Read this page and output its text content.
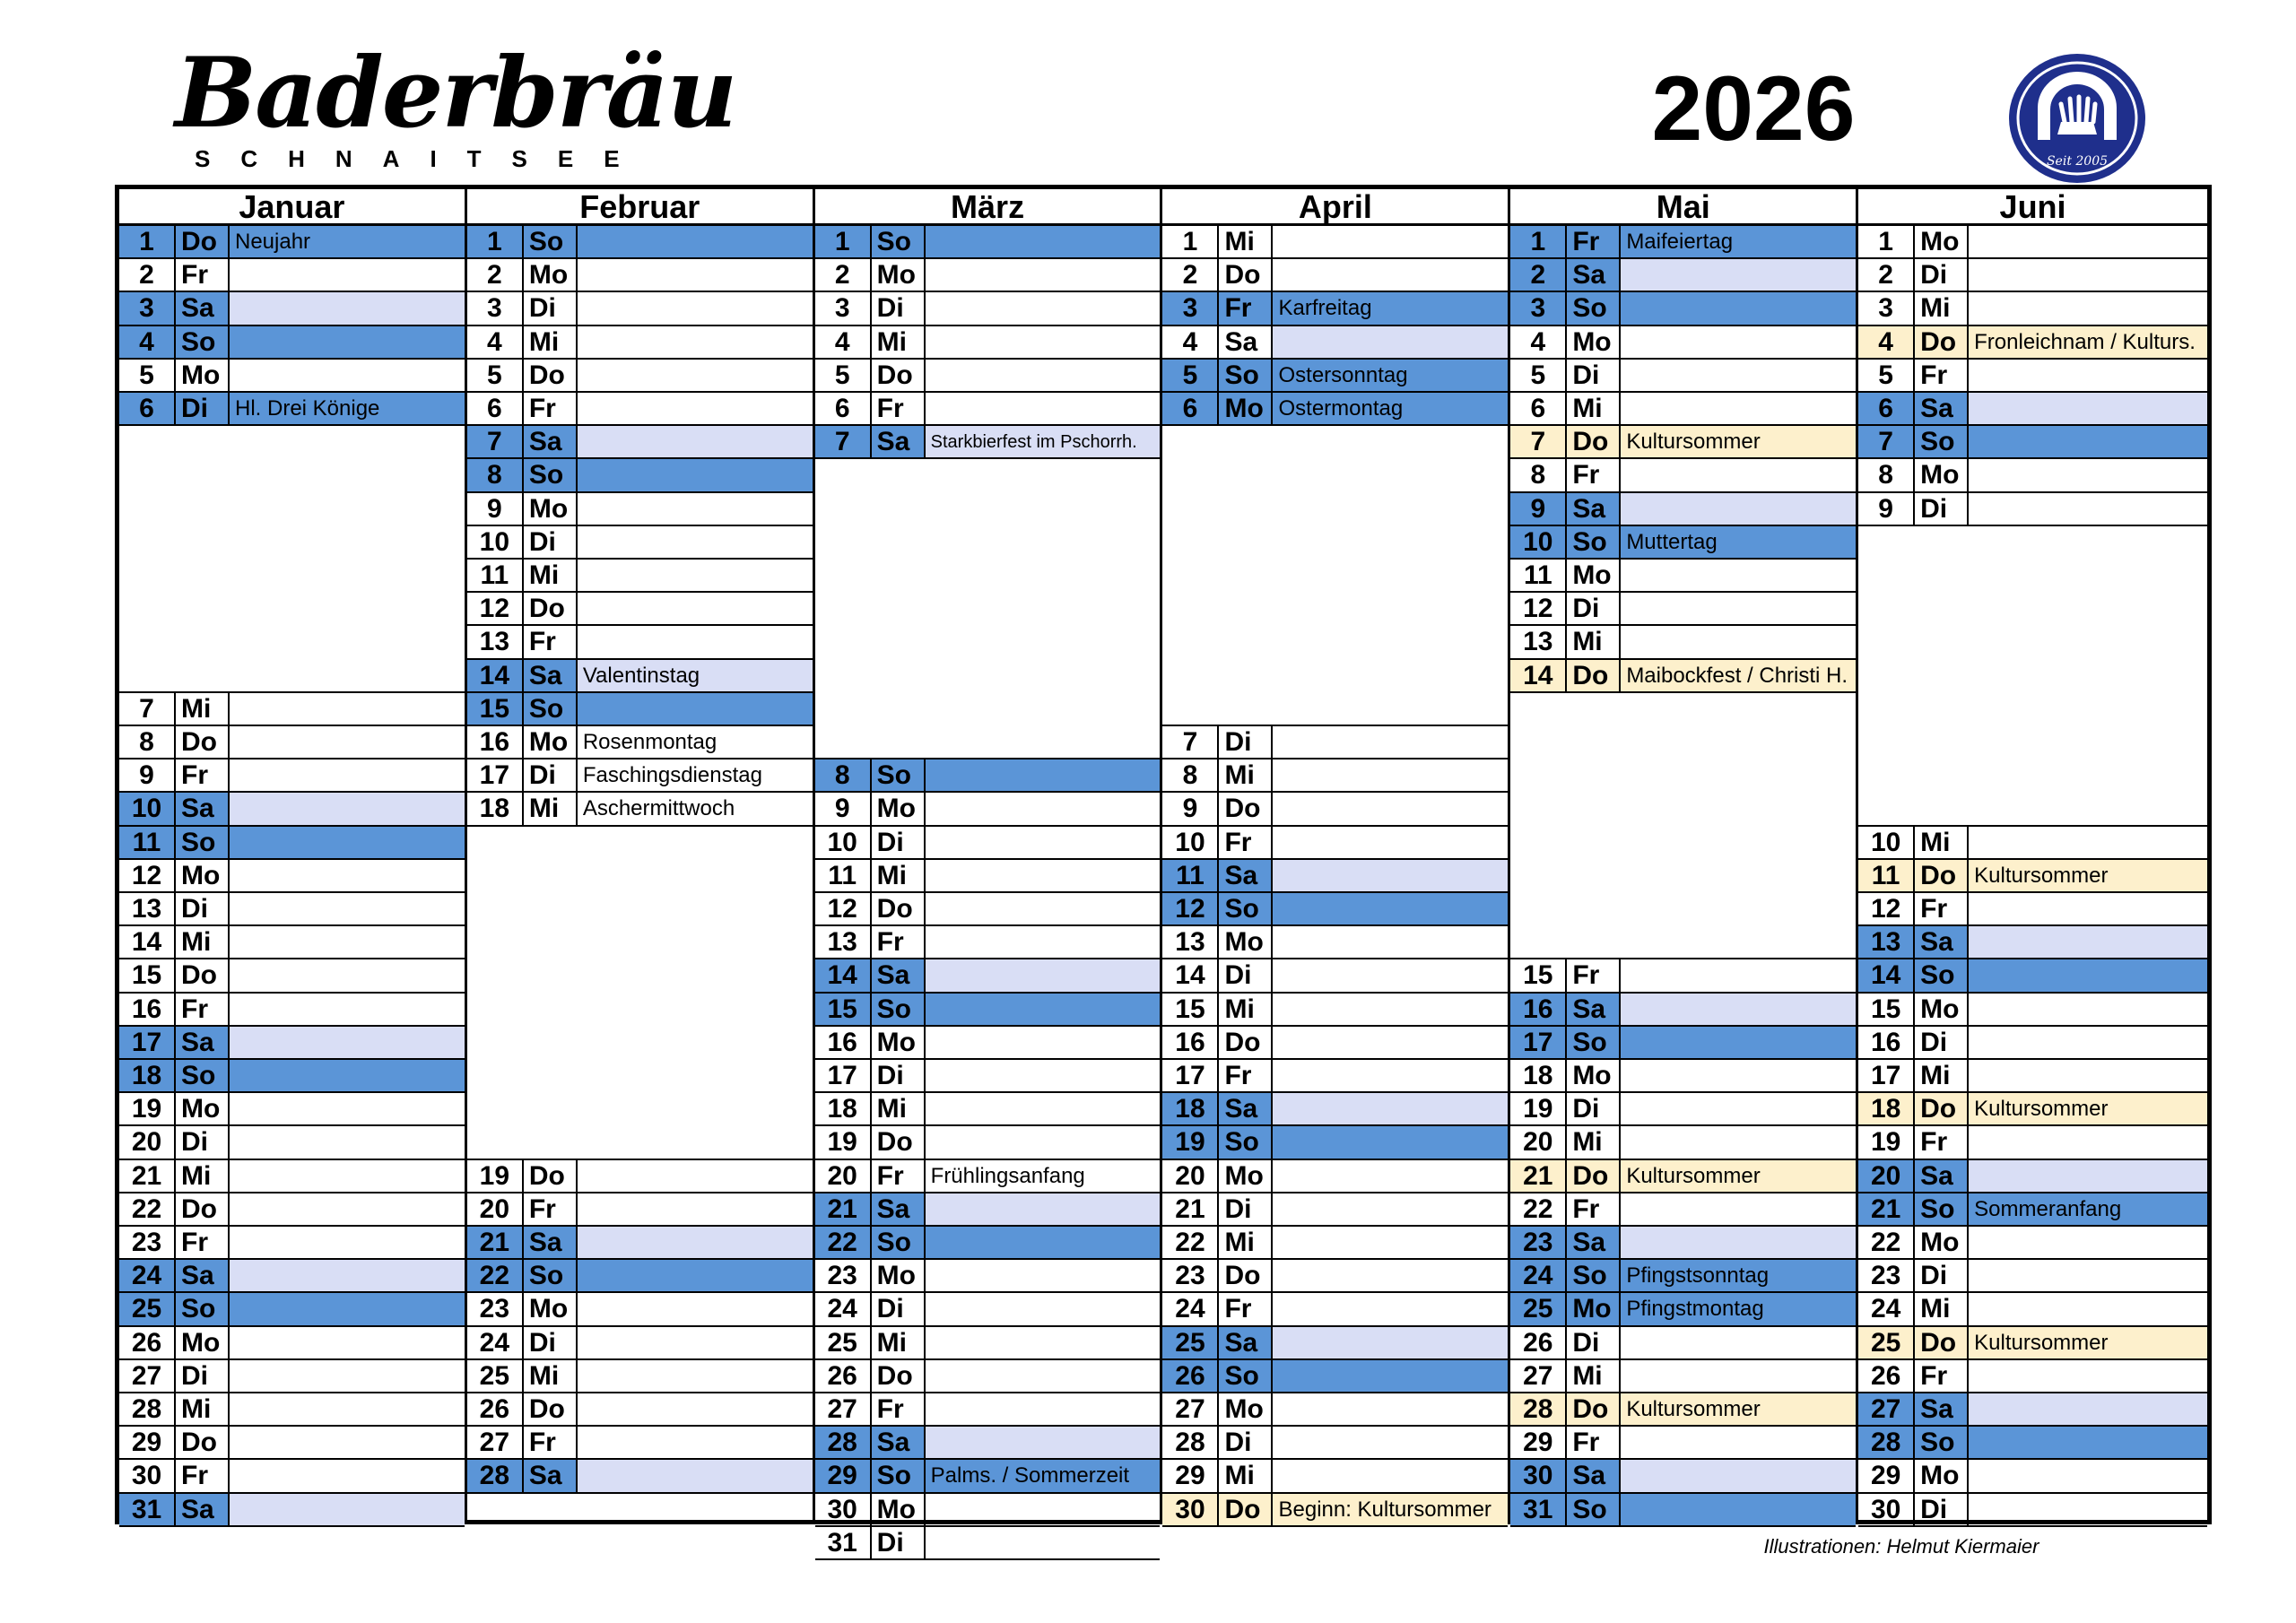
Baderbräu
SCHNAITSEE	2026
Seit 2005
Januar
1	Do Neujahr
2	Fr
3	Sa
4	So
5	Mo
6	Di	Hl. Drei Könige
7	Mi
8	Do
9	Fr
10 Sa
11 So
12 Mo
13 Di
14 Mi
15 Do
16 Fr
17 Sa
18 So
19 Mo
20 Di
21 Mi
22 Do
23 Fr
24 Sa
25 So
26 Mo
27 Di
28 Mi
29 Do
30 Fr
31 Sa
Februar
1	So
2	Mo
3	Di
4	Mi
5	Do
6	Fr
7	Sa
8	So
9	Mo
10 Di
11 Mi
12 Do
13 Fr
14 Sa Valentinstag
15 So
16 Mo Rosenmontag
17 Di	Faschingsdienstag
18 Mi	Aschermittwoch
19 Do
20 Fr
21 Sa
22 So
23 Mo
24 Di
25 Mi
26 Do
27 Fr
28 Sa
März
1	So
2	Mo
3	Di
4	Mi
5	Do
6	Fr
7	Sa	Starkbierfest im Pschorrh.
8	So
9	Mo
10 Di
11 Mi
12 Do
13 Fr
14 Sa
15 So
16 Mo
17 Di
18 Mi
19 Do
20 Fr	Frühlingsanfang
21 Sa
22 So
23 Mo
24 Di
25 Mi
26 Do
27 Fr
28 Sa
29 So Palms. / Sommerzeit
30 Mo
31 Di
April
1	Mi
2	Do
3	Fr	Karfreitag
4	Sa
5	So Ostersonntag
6	Mo Ostermontag
7	Di
8	Mi
9	Do
10 Fr
11 Sa
12 So
13 Mo
14 Di
15 Mi
16 Do
17 Fr
18 Sa
19 So
20 Mo
21 Di
22 Mi
23 Do
24 Fr
25 Sa
26 So
27 Mo
28 Di
29 Mi
30 Do Beginn: Kultursommer
Mai
1	Fr	Maifeiertag
2	Sa
3	So
4	Mo
5	Di
6	Mi
7	Do Kultursommer
8	Fr
9	Sa
10 So Muttertag
11 Mo
12 Di
13 Mi
14 Do Maibockfest / Christi H.
15 Fr
16 Sa
17 So
18 Mo
19 Di
20 Mi
21 Do Kultursommer
22 Fr
23 Sa
24 So Pfingstsonntag
25 Mo Pfingstmontag
26 Di
27 Mi
28 Do Kultursommer
29 Fr
30 Sa
31 So
Juni
1	Mo
2	Di
3	Mi
4	Do Fronleichnam / Kulturs.
5	Fr
6	Sa
7	So
8	Mo
9	Di
10 Mi
11 Do Kultursommer
12 Fr
13 Sa
14 So
15 Mo
16 Di
17 Mi
18 Do Kultursommer
19 Fr
20 Sa
21 So Sommeranfang
22 Mo
23 Di
24 Mi
25 Do Kultursommer
26 Fr
27 Sa
28 So
29 Mo
30 Di
Illustrationen: Helmut Kiermaier
